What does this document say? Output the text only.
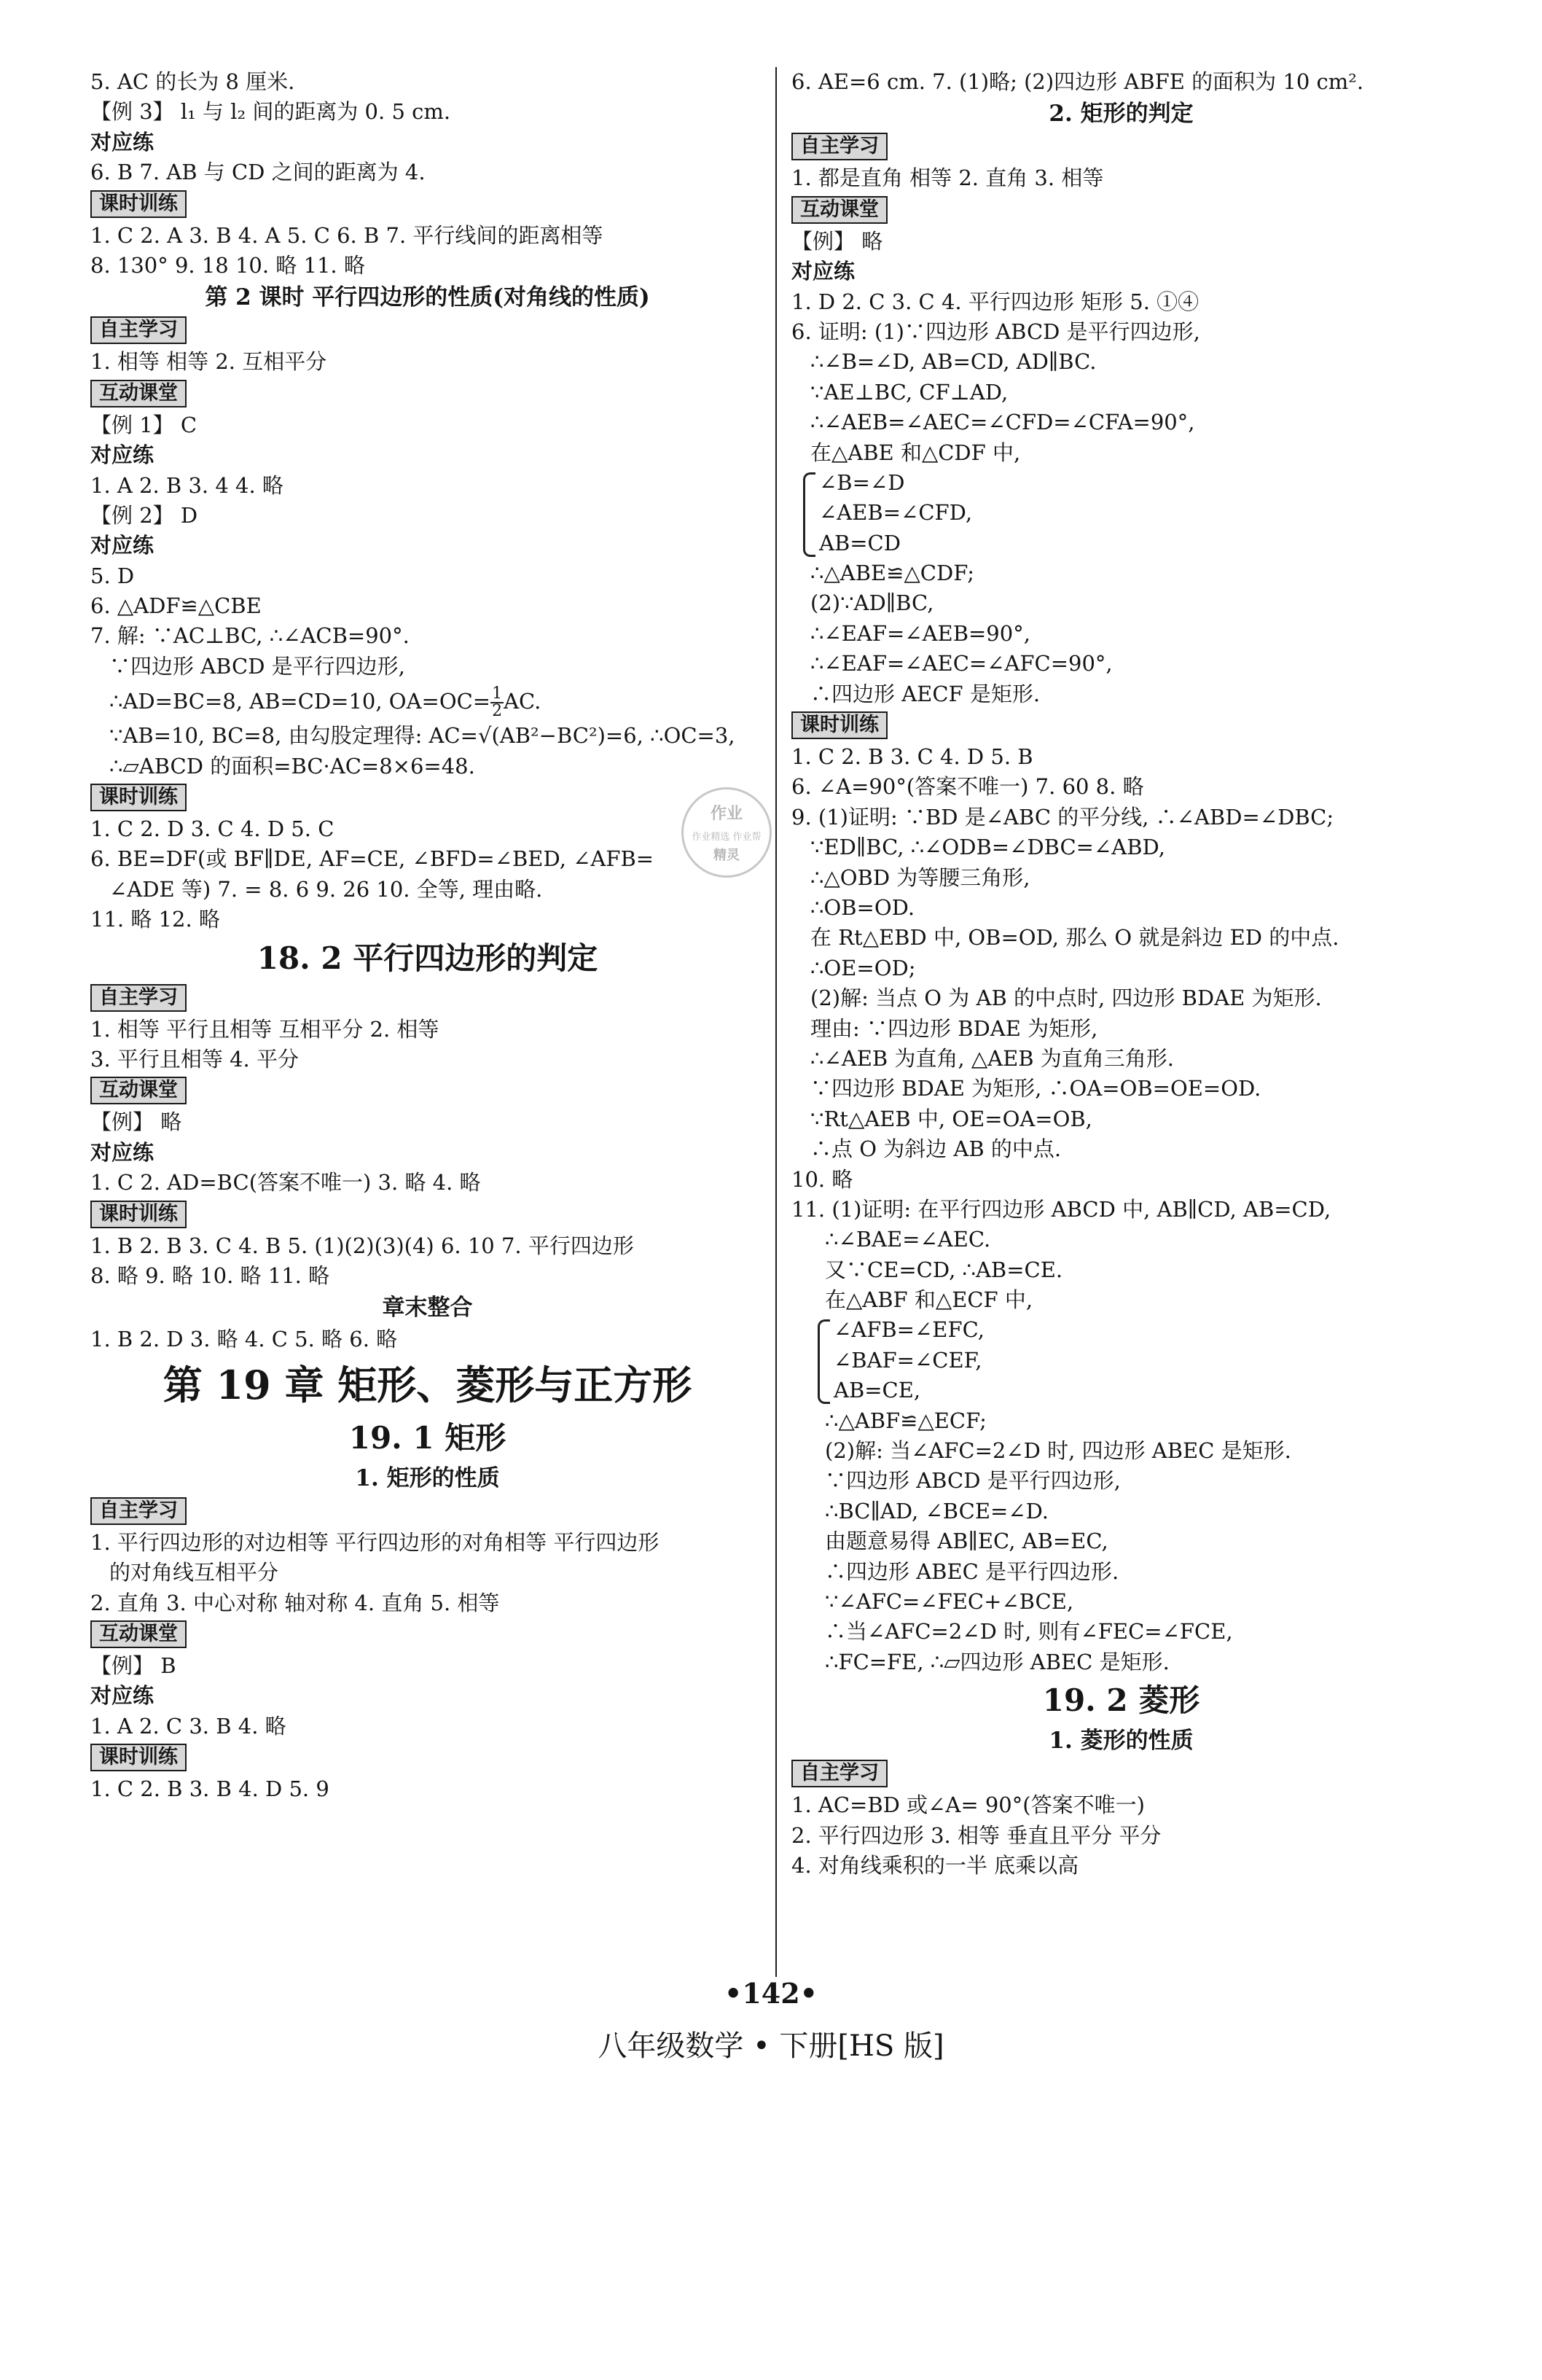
5. AC 的长为 8 厘米.
【例 3】 l₁ 与 l₂ 间的距离为 0. 5 cm.
对应练
6. B 7. AB 与 CD 之间的距离为 4.
课时训练
1. C 2. A 3. B 4. A 5. C 6. B 7. 平行线间的距离相等
8. 130° 9. 18 10. 略 11. 略
第 2 课时 平行四边形的性质(对角线的性质)
自主学习
1. 相等 相等 2. 互相平分
互动课堂
【例 1】 C
对应练
1. A 2. B 3. 4 4. 略
【例 2】 D
对应练
5. D
6. △ADF≌△CBE
7. 解: ∵AC⊥BC, ∴∠ACB=90°.
∵四边形 ABCD 是平行四边形,
∴AD=BC=8, AB=CD=10, $OA=OC= \frac{1}{2}$ AC.
∵AB=10, BC=8, 由勾股定理得: AC=√(AB²−BC²)=6, ∴OC=3,
∴▱ABCD 的面积=BC·AC=8×6=48.
课时训练
1. C 2. D 3. C 4. D 5. C
6. BE=DF(或 BF∥DE, AF=CE, ∠BFD=∠BED, ∠AFB=
∠ADE 等) 7. = 8. 6 9. 26 10. 全等, 理由略.
11. 略 12. 略
18. 2 平行四边形的判定
自主学习
1. 相等 平行且相等 互相平分 2. 相等
3. 平行且相等 4. 平分
互动课堂
【例】 略
对应练
1. C 2. AD=BC(答案不唯一) 3. 略 4. 略
课时训练
1. B 2. B 3. C 4. B 5. (1)(2)(3)(4) 6. 10 7. 平行四边形
8. 略 9. 略 10. 略 11. 略
章末整合
1. B 2. D 3. 略 4. C 5. 略 6. 略
第 19 章 矩形、菱形与正方形
19. 1 矩形
1. 矩形的性质
自主学习
1. 平行四边形的对边相等 平行四边形的对角相等 平行四边形
的对角线互相平分
2. 直角 3. 中心对称 轴对称 4. 直角 5. 相等
互动课堂
【例】 B
对应练
1. A 2. C 3. B 4. 略
课时训练
1. C 2. B 3. B 4. D 5. 9
6. AE=6 cm. 7. (1)略; (2)四边形 ABFE 的面积为 10 cm².
2. 矩形的判定
自主学习
1. 都是直角 相等 2. 直角 3. 相等
互动课堂
【例】 略
对应练
1. D 2. C 3. C 4. 平行四边形 矩形 5. ①④
6. 证明: (1)∵四边形 ABCD 是平行四边形,
∴∠B=∠D, AB=CD, AD∥BC.
∵AE⊥BC, CF⊥AD,
∴∠AEB=∠AEC=∠CFD=∠CFA=90°,
在△ABE 和△CDF 中,
∠B=∠D
∠AEB=∠CFD,
AB=CD
∴△ABE≌△CDF;
(2)∵AD∥BC,
∴∠EAF=∠AEB=90°,
∴∠EAF=∠AEC=∠AFC=90°,
∴四边形 AECF 是矩形.
课时训练
1. C 2. B 3. C 4. D 5. B
6. ∠A=90°(答案不唯一) 7. 60 8. 略
9. (1)证明: ∵BD 是∠ABC 的平分线, ∴∠ABD=∠DBC;
∵ED∥BC, ∴∠ODB=∠DBC=∠ABD,
∴△OBD 为等腰三角形,
∴OB=OD.
在 Rt△EBD 中, OB=OD, 那么 O 就是斜边 ED 的中点.
∴OE=OD;
(2)解: 当点 O 为 AB 的中点时, 四边形 BDAE 为矩形.
理由: ∵四边形 BDAE 为矩形,
∴∠AEB 为直角, △AEB 为直角三角形.
∵四边形 BDAE 为矩形, ∴OA=OB=OE=OD.
∵Rt△AEB 中, OE=OA=OB,
∴点 O 为斜边 AB 的中点.
10. 略
11. (1)证明: 在平行四边形 ABCD 中, AB∥CD, AB=CD,
∴∠BAE=∠AEC.
又∵CE=CD, ∴AB=CE.
在△ABF 和△ECF 中,
∠AFB=∠EFC,
∠BAF=∠CEF,
AB=CE,
∴△ABF≌△ECF;
(2)解: 当∠AFC=2∠D 时, 四边形 ABEC 是矩形.
∵四边形 ABCD 是平行四边形,
∴BC∥AD, ∠BCE=∠D.
由题意易得 AB∥EC, AB=EC,
∴四边形 ABEC 是平行四边形.
∵∠AFC=∠FEC+∠BCE,
∴当∠AFC=2∠D 时, 则有∠FEC=∠FCE,
∴FC=FE, ∴▱四边形 ABEC 是矩形.
19. 2 菱形
1. 菱形的性质
自主学习
1. AC=BD 或∠A= 90°(答案不唯一)
2. 平行四边形 3. 相等 垂直且平分 平分
4. 对角线乘积的一半 底乘以高
作业
作业精选 作业帮
精灵
•142•
八年级数学 • 下册[HS 版]
